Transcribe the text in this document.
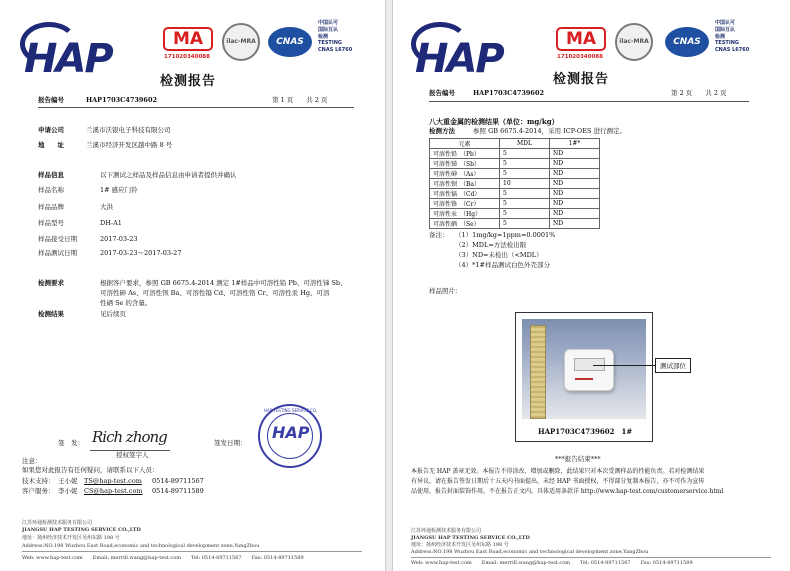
HAP	MA
171020340088
ilac-MRA	CNAS
中国认可
国际互认
检测
TESTING
CNAS L6760
检测报告
报告编号	HAP1703C4739602	第 1 页　　共 2 页
申请公司	兰溪市沃银电子科技有限公司
地　　址	兰溪市经济开发区越中路 8 号
样品信息	以下测试之样品及样品信息由申请者提供并确认
样品名称	1# 感应门铃
样品品牌	大洪
样品型号	DH-A1
样品接受日期	2017-03-23
样品测试日期	2017-03-23～2017-03-27
检测要求	根据客户要求，参照 GB 6675.4-2014 测定 1#样品中可溶性铅 Pb、可溶性锑 Sb、
可溶性砷 As、可溶性钡 Ba、可溶性镉 Cd、可溶性铬 Cr、可溶性汞 Hg、可溶
性硒 Se 的含量。
检测结果	见后续页
签　发： Rich zhong
授权签字人
签发日期：
HAP TESTING SERVICE CO.
HAP
注意：
如果您对此报告有任何疑问，请联系以下人员：
技术支持： 王小妮 TS@hap-test.com 0514-89711567
客户服务： 李小妮 CS@hap-test.com 0514-89711589
江苏环通检测技术服务有限公司
JIANGSU HAP TESTING SERVICE CO.,LTD
地址：扬州经济技术开发区吴州东路 198 号
Address:NO.198 Wuzhou East Road,economic and technological development zone,YangZhou
Web: www.hap-test.com　　Email: merrill.wang@hap-test.com　　Tel: 0514-89711567　　Fax: 0514-89711589
HAP	MA
171020340088
ilac-MRA	CNAS
中国认可
国际互认
检测
TESTING
CNAS L6760
检测报告
报告编号	HAP1703C4739602	第 2 页　　共 2 页
八大重金属的检测结果（单位：mg/kg）
检测方法	参照 GB 6675.4-2014，采用 ICP-OES 进行测定。
元素	MDL	1#*
可溶性铅　（Pb）	5	ND
可溶性锑　（Sb）	5	ND
可溶性砷　（As）	5	ND
可溶性钡　（Ba）	10	ND
可溶性镉　（Cd）	5	ND
可溶性铬　（Cr）	5	ND
可溶性汞　（Hg）	5	ND
可溶性硒　（Se）	5	ND
备注： （1）1mg/kg=1ppm=0.0001%
（2）MDL=方法检出限
（3）ND=未检出（<MDL）
（4）*1#样品测试白色外壳部分
样品照片：
HAP1703C4739602　1#
测试部位
***报告结束***
本报告无 HAP 盖章无效。本报告不得涂改，增加或删除，此结果只对本次受测样品的性能负责。若对检测结果
有异议，请在报告签发日期后十五天内书面提出，未经 HAP 书面授权，不得部分复制本报告，亦不可作为宣传
品使用，报告封面装饰作用，不在报告正文内。具体适用条款详 http://www.hap-test.com/customerservice.html
江苏环通检测技术服务有限公司
JIANGSU HAP TESTING SERVICE CO.,LTD
地址：扬州经济技术开发区吴州东路 198 号
Address:NO.198 Wuzhou East Road,economic and technological development zone,YangZhou
Web: www.hap-test.com　　Email: merrill.wang@hap-test.com　　Tel: 0514-89711567　　Fax: 0514-89711589
